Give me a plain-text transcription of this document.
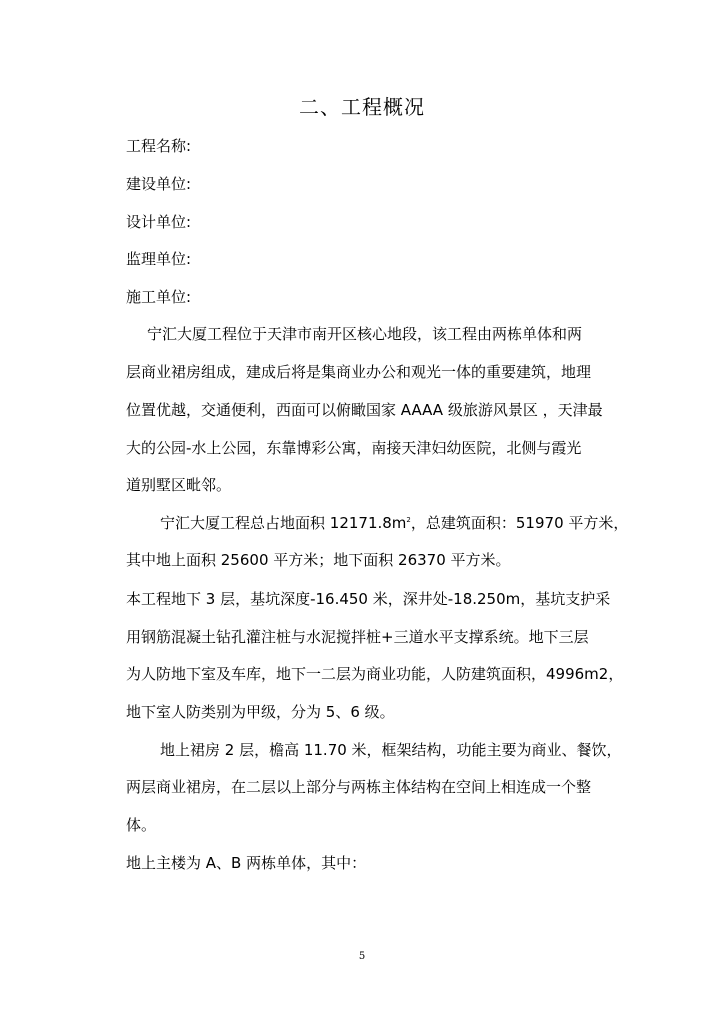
二、工程概况
工程名称:
建设单位:
设计单位:
监理单位:
施工单位:
宁汇大厦工程位于天津市南开区核心地段，该工程由两栋单体和两
层商业裙房组成，建成后将是集商业办公和观光一体的重要建筑，地理
位置优越，交通便利，西面可以俯瞰国家 AAAA 级旅游风景区 ，天津最
大的公园-水上公园，东靠博彩公寓，南接天津妇幼医院，北侧与霞光
道别墅区毗邻。
宁汇大厦工程总占地面积 $12171.8m^2$，总建筑面积：51970 平方米，
其中地上面积 25600 平方米；地下面积 26370 平方米。
本工程地下 3 层，基坑深度-16.450 米，深井处-18.250m，基坑支护采
用钢筋混凝土钻孔灌注桩与水泥搅拌桩+三道水平支撑系统。地下三层
为人防地下室及车库，地下一二层为商业功能，人防建筑面积，4996m2，
地下室人防类别为甲级，分为 5、6 级。
地上裙房 2 层，檐高 11.70 米，框架结构，功能主要为商业、餐饮，
两层商业裙房，在二层以上部分与两栋主体结构在空间上相连成一个整
体。
地上主楼为 A、B 两栋单体，其中：
5
